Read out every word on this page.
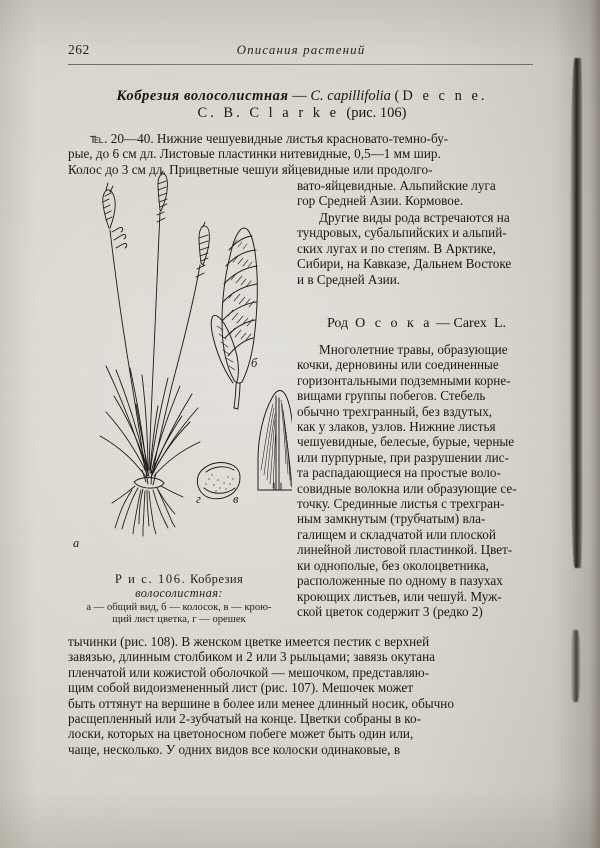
262	Описания растений
Кобрезия волосолистная — C. capillifolia (D e c n e.
C. B. C l a r k e (рис. 106)
℡. 20—40. Нижние чешуевидные листья красновато-темно-бу-
рые, до 6 см дл. Листовые пластинки нитевидные, 0,5—1 мм шир.
Колос до 3 см дл. Прицветные чешуи яйцевидные или продолго-
вато-яйцевидные. Альпийские луга
гор Средней Азии. Кормовое.
Другие виды рода встречаются на
тундровых, субальпийских и альпий-
ских лугах и по степям. В Арктике,
Сибири, на Кавказе, Дальнем Востоке
и в Средней Азии.
Род О с о к а — Carex L.
Многолетние травы, образующие
кочки, дерновины или соединенные
горизонтальными подземными корне-
вищами группы побегов. Стебель
обычно трехгранный, без вздутых,
как у злаков, узлов. Нижние листья
чешуевидные, белесые, бурые, черные
или пурпурные, при разрушении лис-
та распадающиеся на простые воло-
совидные волокна или образующие се-
точку. Срединные листья с трехгран-
ным замкнутым (трубчатым) вла-
галищем и складчатой или плоской
линейной листовой пластинкой. Цвет-
ки однополые, без околоцветника,
расположенные по одному в пазухах
кроющих листьев, или чешуй. Муж-
ской цветок содержит 3 (редко 2)
тычинки (рис. 108). В женском цветке имеется пестик с верхней
завязью, длинным столбиком и 2 или 3 рыльцами; завязь окутана
пленчатой или кожистой оболочкой — мешочком, представляю-
щим собой видоизмененный лист (рис. 107). Мешочек может
быть оттянут на вершине в более или менее длинный носик, обычно
расщепленный или 2-зубчатый на конце. Цветки собраны в ко-
лоски, которых на цветоносном побеге может быть один или,
чаще, несколько. У одних видов все колоски одинаковые, в
а
б
г	в
Р и с. 106. Кобрезия
волосолистная:
а — общий вид, б — колосок, в — крою-
щий лист цветка, г — орешек
